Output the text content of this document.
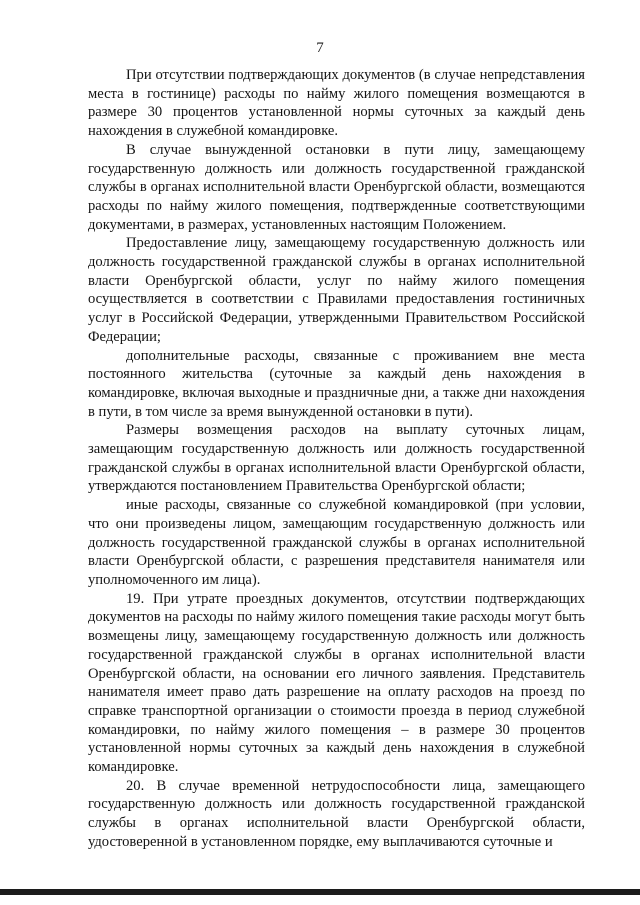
7

При отсутствии подтверждающих документов (в случае непредставления места в гостинице) расходы по найму жилого помещения возмещаются в размере 30 процентов установленной нормы суточных за каждый день нахождения в служебной командировке.

В случае вынужденной остановки в пути лицу, замещающему государственную должность или должность государственной гражданской службы в органах исполнительной власти Оренбургской области, возмещаются расходы по найму жилого помещения, подтвержденные соответствующими документами, в размерах, установленных настоящим Положением.

Предоставление лицу, замещающему государственную должность или должность государственной гражданской службы в органах исполнительной власти Оренбургской области, услуг по найму жилого помещения осуществляется в соответствии с Правилами предоставления гостиничных услуг в Российской Федерации, утвержденными Правительством Российской Федерации;

дополнительные расходы, связанные с проживанием вне места постоянного жительства (суточные за каждый день нахождения в командировке, включая выходные и праздничные дни, а также дни нахождения в пути, в том числе за время вынужденной остановки в пути).

Размеры возмещения расходов на выплату суточных лицам, замещающим государственную должность или должность государственной гражданской службы в органах исполнительной власти Оренбургской области, утверждаются постановлением Правительства Оренбургской области;

иные расходы, связанные со служебной командировкой (при условии, что они произведены лицом, замещающим государственную должность или должность государственной гражданской службы в органах исполнительной власти Оренбургской области, с разрешения представителя нанимателя или уполномоченного им лица).

19. При утрате проездных документов, отсутствии подтверждающих документов на расходы по найму жилого помещения такие расходы могут быть возмещены лицу, замещающему государственную должность или должность государственной гражданской службы в органах исполнительной власти Оренбургской области, на основании его личного заявления. Представитель нанимателя имеет право дать разрешение на оплату расходов на проезд по справке транспортной организации о стоимости проезда в период служебной командировки, по найму жилого помещения – в размере 30 процентов установленной нормы суточных за каждый день нахождения в служебной командировке.

20. В случае временной нетрудоспособности лица, замещающего государственную должность или должность государственной гражданской службы в органах исполнительной власти Оренбургской области, удостоверенной в установленном порядке, ему выплачиваются суточные и
